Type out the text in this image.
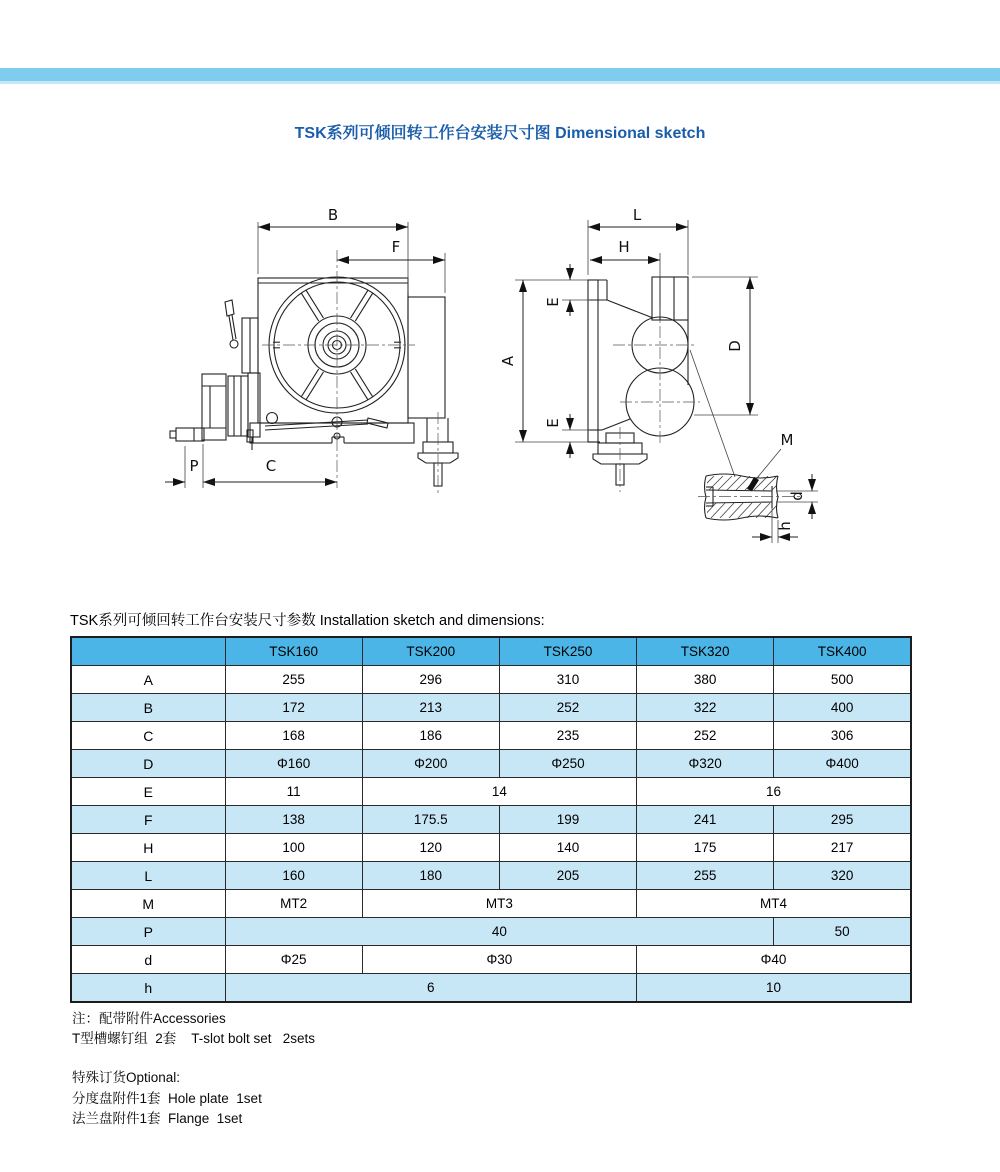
TSK系列可倾回转工作台安装尺寸图 Dimensional sketch
B
F
P	C
L
H
E
A
E
D
M
d
h
TSK系列可倾回转工作台安装尺寸参数 Installation sketch and dimensions:
	TSK160	TSK200	TSK250	TSK320	TSK400
A	255	296	310	380	500
B	172	213	252	322	400
C	168	186	235	252	306
D	Φ160	Φ200	Φ250	Φ320	Φ400
E	11	14		16	
F	138	175.5	199	241	295
H	100	120	140	175	217
L	160	180	205	255	320
M	MT2	MT3		MT4	
P	40				50
d	Φ25	Φ30		Φ40	
h	6			10	
注：配带附件Accessories
T型槽螺钉组  2套    T-slot bolt set   2sets
特殊订货Optional:
分度盘附件1套  Hole plate  1set
法兰盘附件1套  Flange  1set
